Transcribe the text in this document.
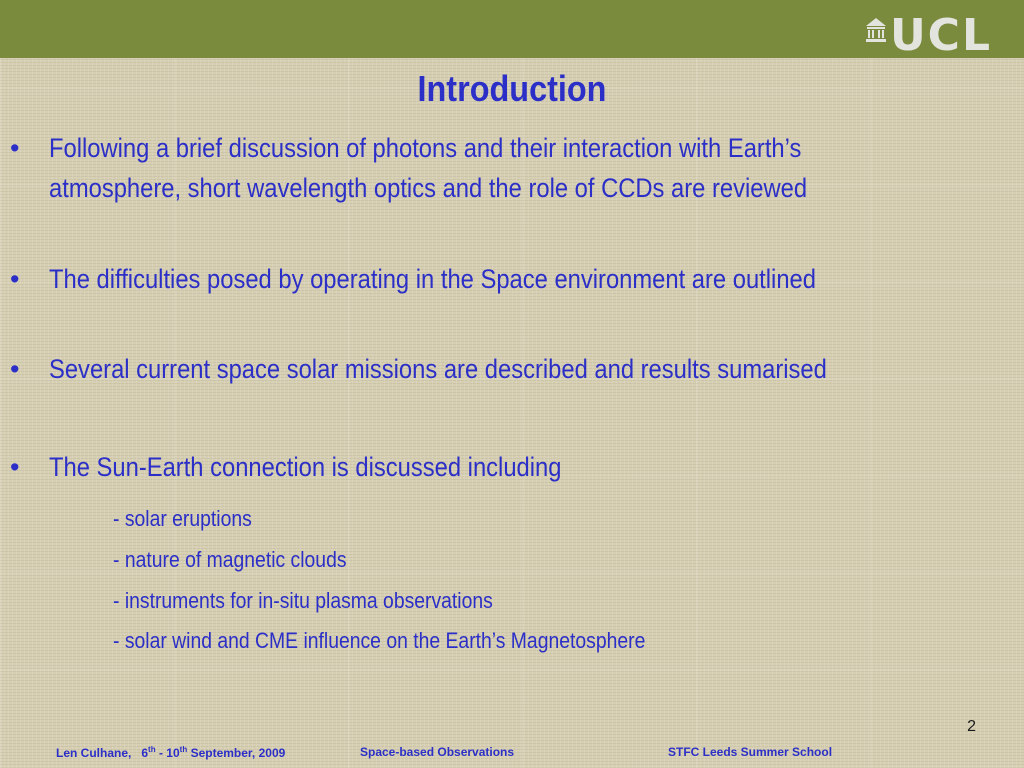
UCL
Introduction
• Following a brief discussion of photons and their interaction with Earth’s atmosphere, short wavelength optics and the role of CCDs are reviewed
• The difficulties posed by operating in the Space environment are outlined
• Several current space solar missions are described and results sumarised
• The Sun-Earth connection is discussed including
- solar eruptions
- nature of magnetic clouds
- instruments for in-situ plasma observations
- solar wind and CME influence on the Earth’s Magnetosphere
2
Len Culhane, 6th - 10th September, 2009	Space-based Observations	STFC Leeds Summer School
